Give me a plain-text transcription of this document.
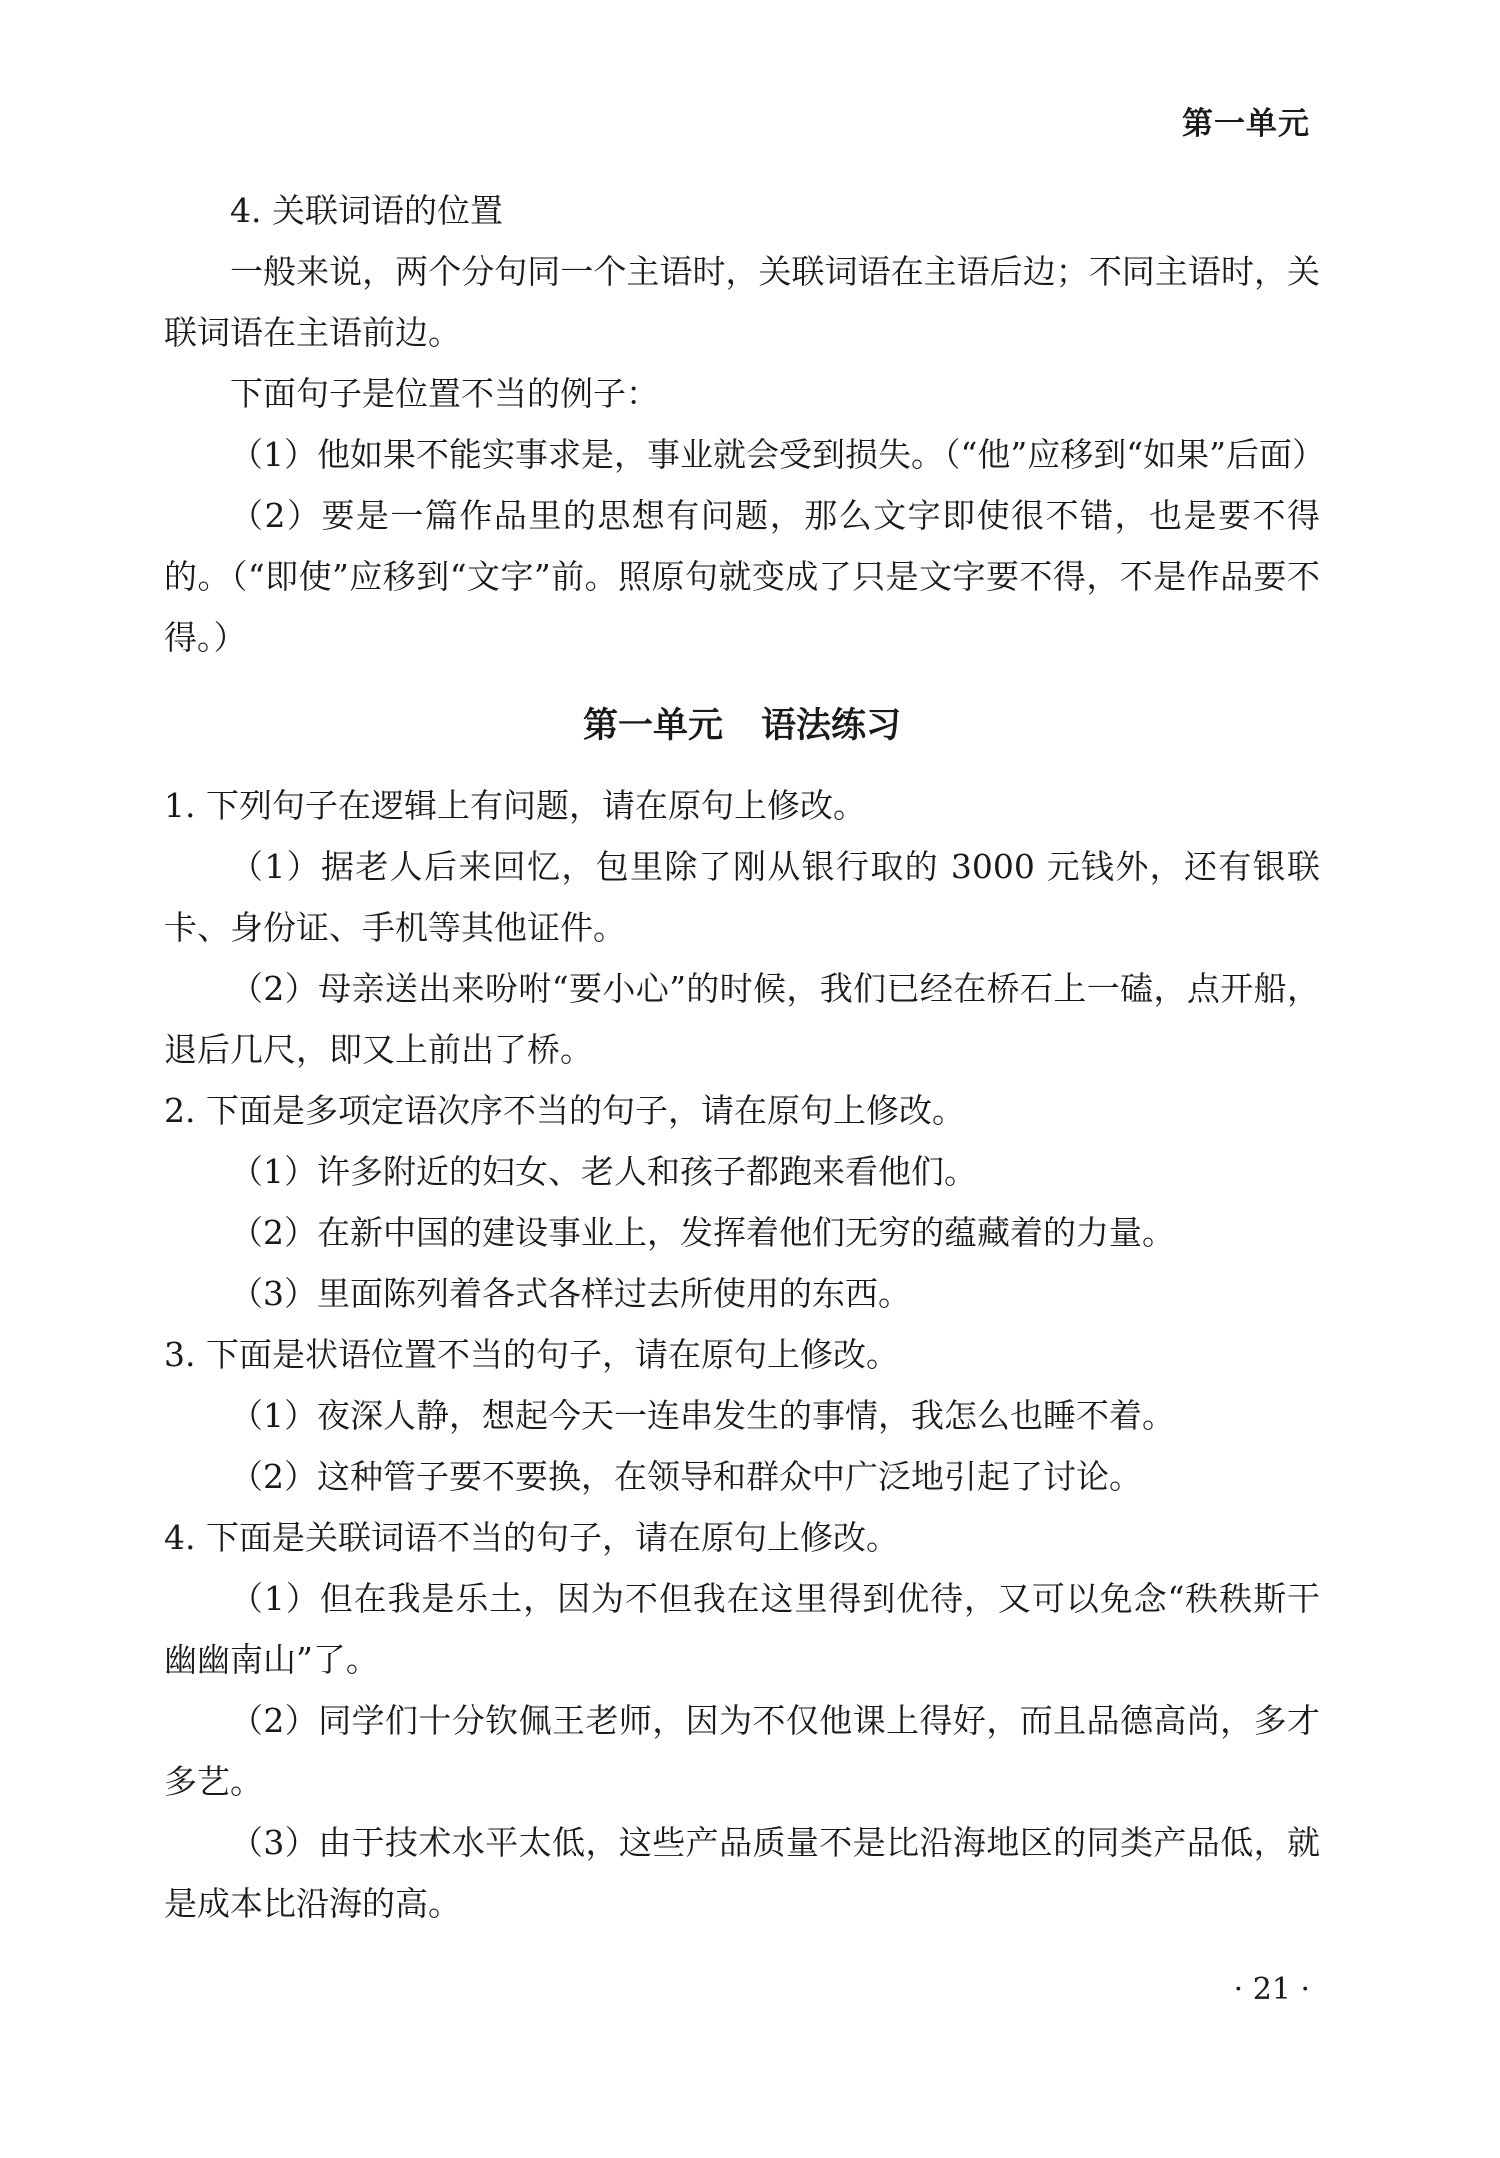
第一单元

4. 关联词语的位置

一般来说，两个分句同一个主语时，关联词语在主语后边；不同主语时，关联词语在主语前边。

下面句子是位置不当的例子：

（1）他如果不能实事求是，事业就会受到损失。（“他”应移到“如果”后面）

（2）要是一篇作品里的思想有问题，那么文字即使很不错，也是要不得的。（“即使”应移到“文字”前。照原句就变成了只是文字要不得，不是作品要不得。）

第一单元 语法练习

1. 下列句子在逻辑上有问题，请在原句上修改。

（1）据老人后来回忆，包里除了刚从银行取的 3000 元钱外，还有银联卡、身份证、手机等其他证件。

（2）母亲送出来吩咐“要小心”的时候，我们已经在桥石上一磕，点开船，退后几尺，即又上前出了桥。

2. 下面是多项定语次序不当的句子，请在原句上修改。

（1）许多附近的妇女、老人和孩子都跑来看他们。

（2）在新中国的建设事业上，发挥着他们无穷的蕴藏着的力量。

（3）里面陈列着各式各样过去所使用的东西。

3. 下面是状语位置不当的句子，请在原句上修改。

（1）夜深人静，想起今天一连串发生的事情，我怎么也睡不着。

（2）这种管子要不要换，在领导和群众中广泛地引起了讨论。

4. 下面是关联词语不当的句子，请在原句上修改。

（1）但在我是乐土，因为不但我在这里得到优待，又可以免念“秩秩斯干幽幽南山”了。

（2）同学们十分钦佩王老师，因为不仅他课上得好，而且品德高尚，多才多艺。

（3）由于技术水平太低，这些产品质量不是比沿海地区的同类产品低，就是成本比沿海的高。

· 21 ·
